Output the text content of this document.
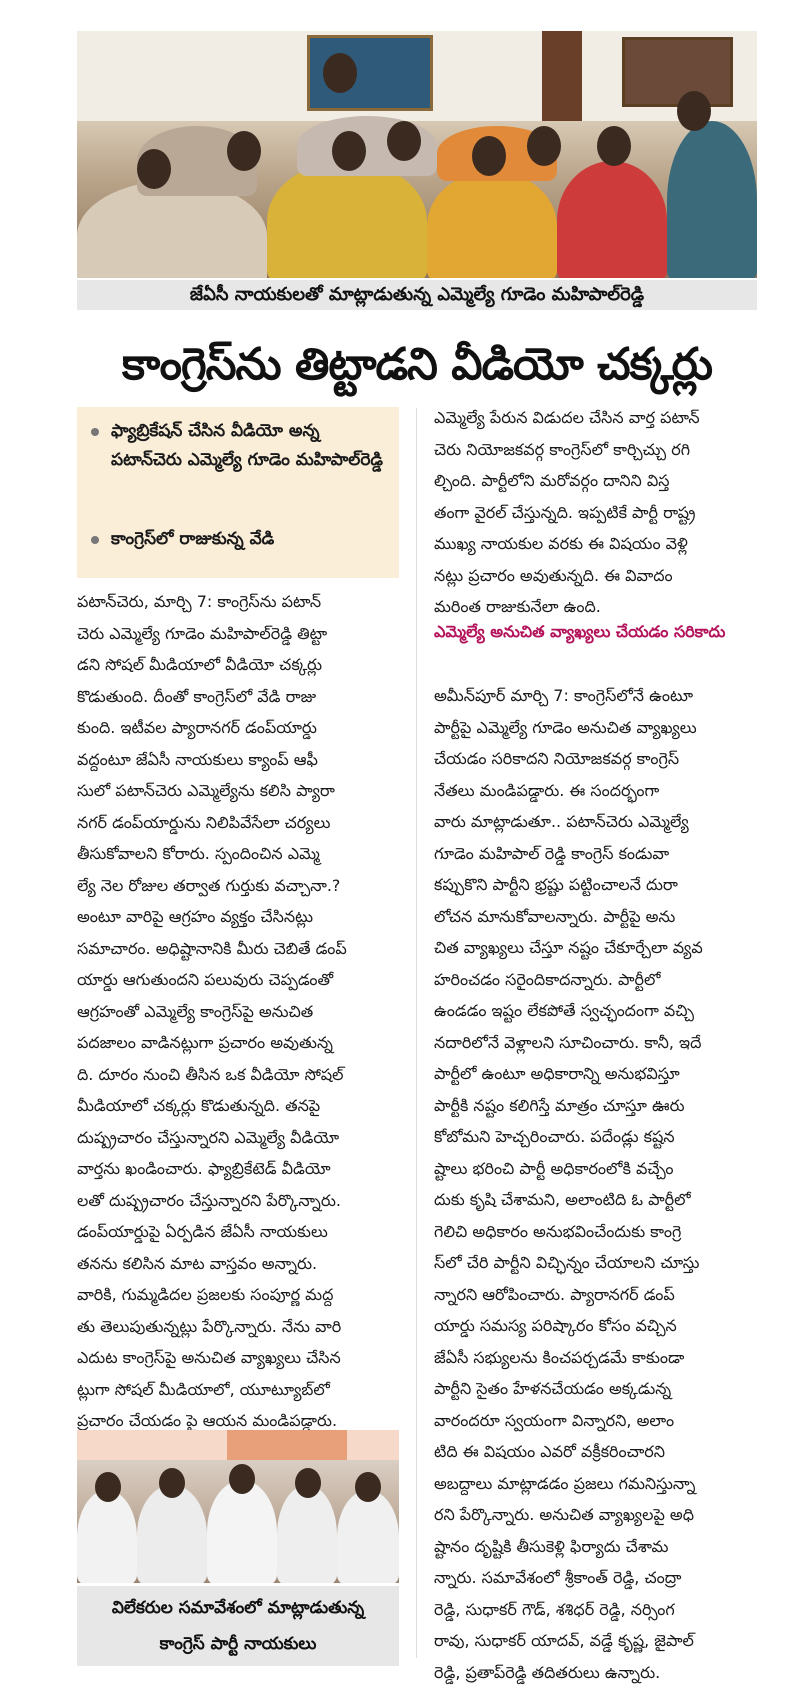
జేఏసీ నాయకులతో మాట్లాడుతున్న ఎమ్మెల్యే గూడెం మహిపాల్‌రెడ్డి
కాంగ్రెస్‌ను తిట్టాడని వీడియో చక్కర్లు
ఫ్యాబ్రికేషన్ చేసిన వీడియో అన్న పటాన్‌చెరు ఎమ్మెల్యే గూడెం మహిపాల్‌రెడ్డి
కాంగ్రెస్‌లో రాజుకున్న వేడి
పటాన్‌చెరు, మార్చి 7: కాంగ్రెస్‌ను పటాన్
చెరు ఎమ్మెల్యే గూడెం మహిపాల్‌రెడ్డి తిట్టా
డని సోషల్ మీడియాలో వీడియో చక్కర్లు
కొడుతుంది. దీంతో కాంగ్రెస్‌లో వేడి రాజు
కుంది. ఇటీవల ప్యారానగర్ డంప్‌యార్డు
వద్దంటూ జేఏసీ నాయకులు క్యాంప్ ఆఫీ
సులో పటాన్‌చెరు ఎమ్మెల్యేను కలిసి ప్యారా
నగర్ డంప్‌యార్డును నిలిపివేసేలా చర్యలు
తీసుకోవాలని కోరారు. స్పందించిన ఎమ్మె
ల్యే నెల రోజుల తర్వాత గుర్తుకు వచ్చానా.?
అంటూ వారిపై ఆగ్రహం వ్యక్తం చేసినట్లు
సమాచారం. అధిష్టానానికి మీరు చెబితే డంప్
యార్డు ఆగుతుందని పలువురు చెప్పడంతో
ఆగ్రహంతో ఎమ్మెల్యే కాంగ్రెస్‌పై అనుచిత
పదజాలం వాడినట్లుగా ప్రచారం అవుతున్న
ది. దూరం నుంచి తీసిన ఒక వీడియో సోషల్
మీడియాలో చక్కర్లు కొడుతున్నది. తనపై
దుష్ప్రచారం చేస్తున్నారని ఎమ్మెల్యే వీడియో
వార్తను ఖండించారు. ఫ్యాబ్రికేటెడ్ వీడియో
లతో దుష్ప్రచారం చేస్తున్నారని పేర్కొన్నారు.
డంప్‌యార్డుపై ఏర్పడిన జేఏసీ నాయకులు
తనను కలిసిన మాట వాస్తవం అన్నారు.
వారికి, గుమ్మడిదల ప్రజలకు సంపూర్ణ మద్ద
తు తెలుపుతున్నట్లు పేర్కొన్నారు. నేను వారి
ఎదుట కాంగ్రెస్‌పై అనుచిత వ్యాఖ్యలు చేసిన
ట్లుగా సోషల్ మీడియాలో, యూట్యూబ్‌లో
ప్రచారం చేయడం పై ఆయన మండిపడ్డారు.
ఎమ్మెల్యే పేరున విడుదల చేసిన వార్త పటాన్
చెరు నియోజకవర్గ కాంగ్రెస్‌లో కార్చిచ్చు రగి
ల్చింది. పార్టీలోని మరోవర్గం దానిని విస్త
తంగా వైరల్ చేస్తున్నది. ఇప్పటికే పార్టీ రాష్ట్ర
ముఖ్య నాయకుల వరకు ఈ విషయం వెళ్లి
నట్లు ప్రచారం అవుతున్నది. ఈ వివాదం
మరింత రాజుకునేలా ఉంది.
ఎమ్మెల్యే అనుచిత వ్యాఖ్యలు చేయడం సరికాదు
అమీన్‌పూర్ మార్చి 7: కాంగ్రెస్‌లోనే ఉంటూ
పార్టీపై ఎమ్మెల్యే గూడెం అనుచిత వ్యాఖ్యలు
చేయడం సరికాదని నియోజకవర్గ కాంగ్రెస్
నేతలు మండిపడ్డారు. ఈ సందర్భంగా
వారు మాట్లాడుతూ.. పటాన్‌చెరు ఎమ్మెల్యే
గూడెం మహిపాల్ రెడ్డి కాంగ్రెస్ కండువా
కప్పుకొని పార్టీని భ్రష్టు పట్టించాలనే దురా
లోచన మానుకోవాలన్నారు. పార్టీపై అను
చిత వ్యాఖ్యలు చేస్తూ నష్టం చేకూర్చేలా వ్యవ
హరించడం సరైందికాదన్నారు. పార్టీలో
ఉండడం ఇష్టం లేకపోతే స్వచ్ఛందంగా వచ్చి
నదారిలోనే వెళ్లాలని సూచించారు. కానీ, ఇదే
పార్టీలో ఉంటూ అధికారాన్ని అనుభవిస్తూ
పార్టీకి నష్టం కలిగిస్తే మాత్రం చూస్తూ ఊరు
కోబోమని హెచ్చరించారు. పదేండ్లు కష్టన
ష్టాలు భరించి పార్టీ అధికారంలోకి వచ్చేం
దుకు కృషి చేశామని, అలాంటిది ఓ పార్టీలో
గెలిచి అధికారం అనుభవించేందుకు కాంగ్రె
స్‌లో చేరి పార్టీని విచ్ఛిన్నం చేయాలని చూస్తు
న్నారని ఆరోపించారు. ప్యారానగర్ డంప్
యార్డు సమస్య పరిష్కారం కోసం వచ్చిన
జేఏసీ సభ్యులను కించపర్చడమే కాకుండా
పార్టీని సైతం హేళనచేయడం అక్కడున్న
వారందరూ స్వయంగా విన్నారని, అలాం
టిది ఈ విషయం ఎవరో వక్రీకరించారని
అబద్దాలు మాట్లాడడం ప్రజలు గమనిస్తున్నా
రని పేర్కొన్నారు. అనుచిత వ్యాఖ్యలపై అధి
ష్టానం దృష్టికి తీసుకెళ్లి ఫిర్యాదు చేశామ
న్నారు. సమావేశంలో శ్రీకాంత్ రెడ్డి, చంద్రా
రెడ్డి, సుధాకర్ గౌడ్, శశిధర్ రెడ్డి, నర్సింగ
రావు, సుధాకర్ యాదవ్, వడ్డే కృష్ణ, జైపాల్
రెడ్డి, ప్రతాప్‌రెడ్డి తదితరులు ఉన్నారు.
విలేకరుల సమావేశంలో మాట్లాడుతున్న
కాంగ్రెస్ పార్టీ నాయకులు
